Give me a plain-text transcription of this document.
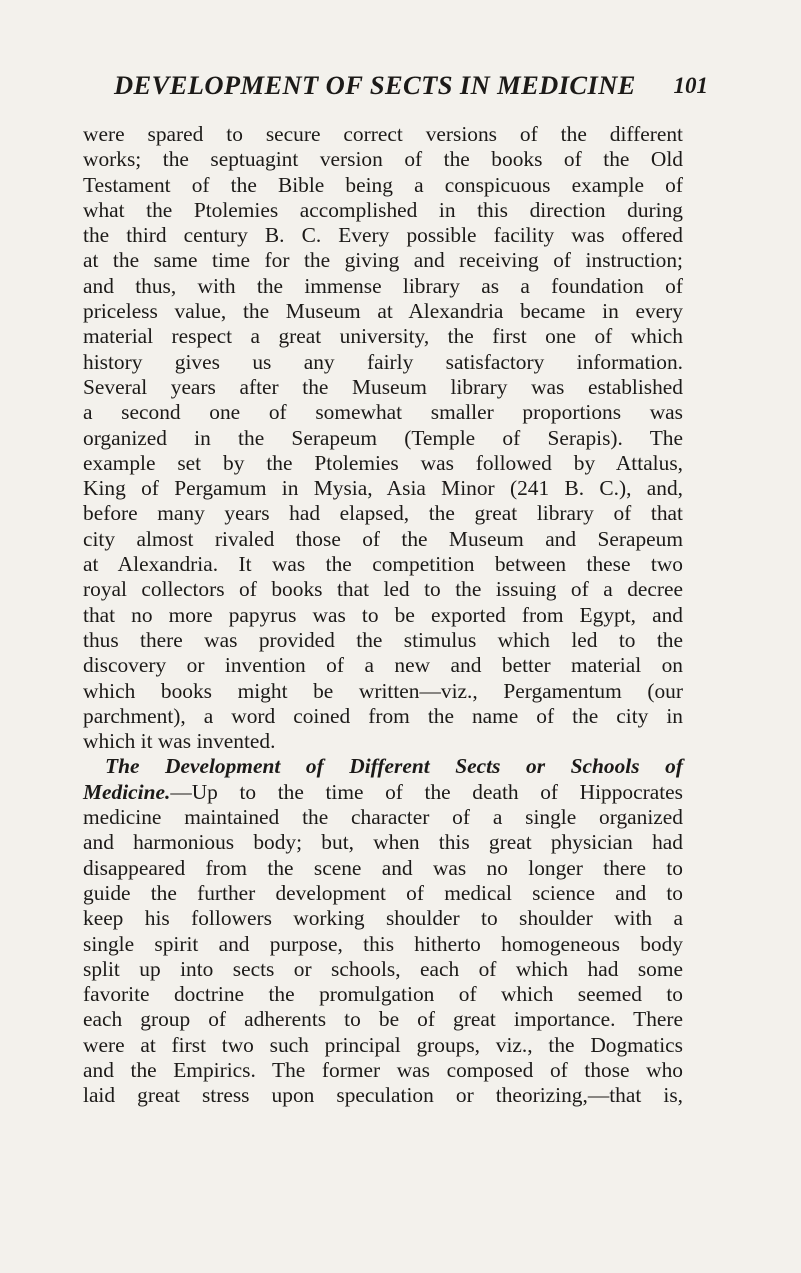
DEVELOPMENT OF SECTS IN MEDICINE 101
were spared to secure correct versions of the different
works; the septuagint version of the books of the Old
Testament of the Bible being a conspicuous example of
what the Ptolemies accomplished in this direction during
the third century B. C. Every possible facility was offered
at the same time for the giving and receiving of instruction;
and thus, with the immense library as a foundation of
priceless value, the Museum at Alexandria became in every
material respect a great university, the first one of which
history gives us any fairly satisfactory information.
Several years after the Museum library was established
a second one of somewhat smaller proportions was
organized in the Serapeum (Temple of Serapis). The
example set by the Ptolemies was followed by Attalus,
King of Pergamum in Mysia, Asia Minor (241 B. C.), and,
before many years had elapsed, the great library of that
city almost rivaled those of the Museum and Serapeum
at Alexandria. It was the competition between these two
royal collectors of books that led to the issuing of a decree
that no more papyrus was to be exported from Egypt, and
thus there was provided the stimulus which led to the
discovery or invention of a new and better material on
which books might be written—viz., Pergamentum (our
parchment), a word coined from the name of the city in
which it was invented.
The Development of Different Sects or Schools of
Medicine.—Up to the time of the death of Hippocrates
medicine maintained the character of a single organized
and harmonious body; but, when this great physician had
disappeared from the scene and was no longer there to
guide the further development of medical science and to
keep his followers working shoulder to shoulder with a
single spirit and purpose, this hitherto homogeneous body
split up into sects or schools, each of which had some
favorite doctrine the promulgation of which seemed to
each group of adherents to be of great importance. There
were at first two such principal groups, viz., the Dogmatics
and the Empirics. The former was composed of those who
laid great stress upon speculation or theorizing,—that is,
